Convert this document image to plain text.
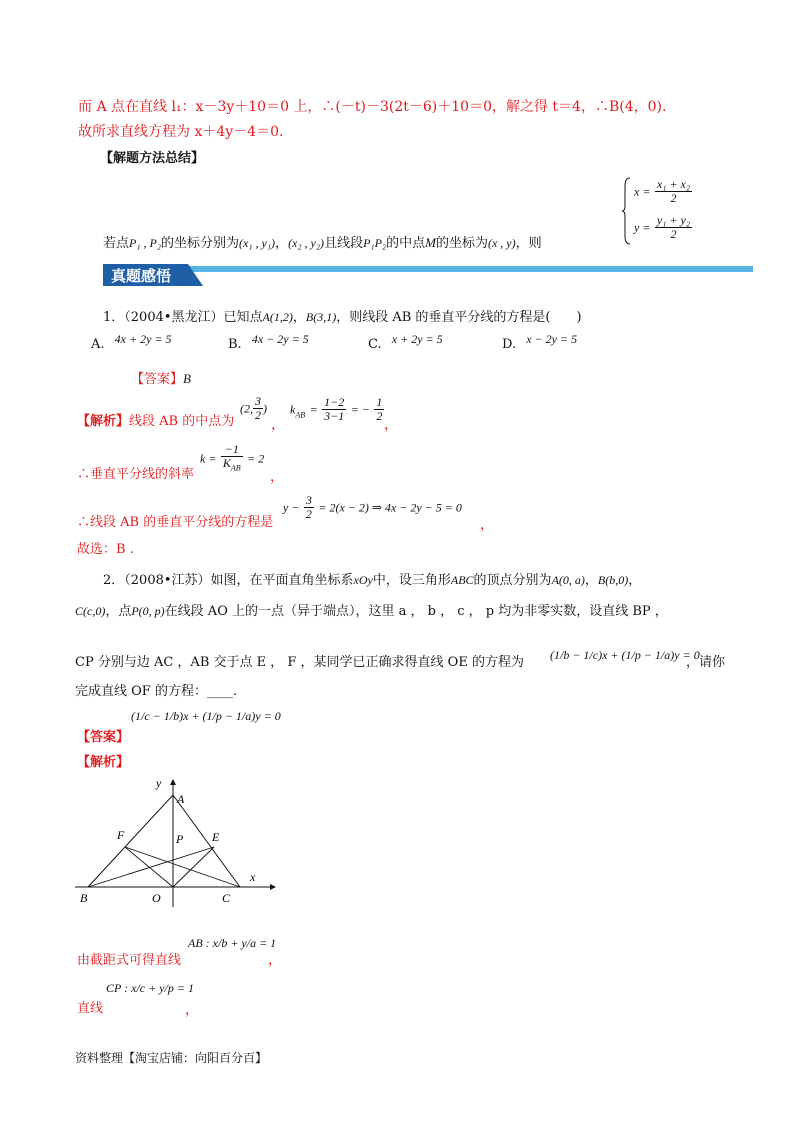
而 A 点在直线 l₁：x－3y＋10＝0 上，∴(－t)－3(2t－6)＋10＝0，解之得 t＝4，∴B(4，0).
故所求直线方程为 x＋4y－4＝0.
【解题方法总结】
若点P₁ , P₂的坐标分别为(x₁ , y₁)，(x₂ , y₂)且线段P₁P₂的中点M的坐标为(x , y)，则
$x = \frac{\text{x₁ + x₂}}{2}$
$y = \frac{\text{y₁ + y₂}}{2}$
真题感悟
1．（2004•黑龙江）已知点A(1,2)，B(3,1)，则线段 AB 的垂直平分线的方程是(　　)
A. 4x + 2y = 5	B. 4x − 2y = 5	C. x + 2y = 5	D. x − 2y = 5
【答案】B
【解析】线段 AB 的中点为
(2, $\frac{3}{2}$ )
，
$k_{AB} = \frac{1-2}{3-1}$ = − $\frac{1}{2}$
，
∴垂直平分线的斜率
$k = \frac{-1}{K_{AB}} = 2$
，
∴线段 AB 的垂直平分线的方程是
$y - \frac{3}{2} = 2(x - 2)$ ⇒ 4x − 2y − 5 = 0
，
故选：B .
2．（2008•江苏）如图，在平面直角坐标系xOy中，设三角形ABC的顶点分别为A(0, a)，B(b,0)，
C(c,0)，点P(0, p)在线段 AO 上的一点（异于端点），这里 a ， b ， c ， p 均为非零实数，设直线 BP ，
CP 分别与边 AC ，AB 交于点 E ， F ，某同学已正确求得直线 OE 的方程为 (1/b − 1/c)x + (1/p − 1/a)y = 0
，请你
完成直线 OF 的方程：____.
(1/c − 1/b)x + (1/p − 1/a)y = 0
【答案】
【解析】
y
A
F	P E
x
B	O	C
由截距式可得直线
AB : x/b + y/a = 1
，
CP : x/c + y/p = 1
直线	，
资料整理【淘宝店铺：向阳百分百】
